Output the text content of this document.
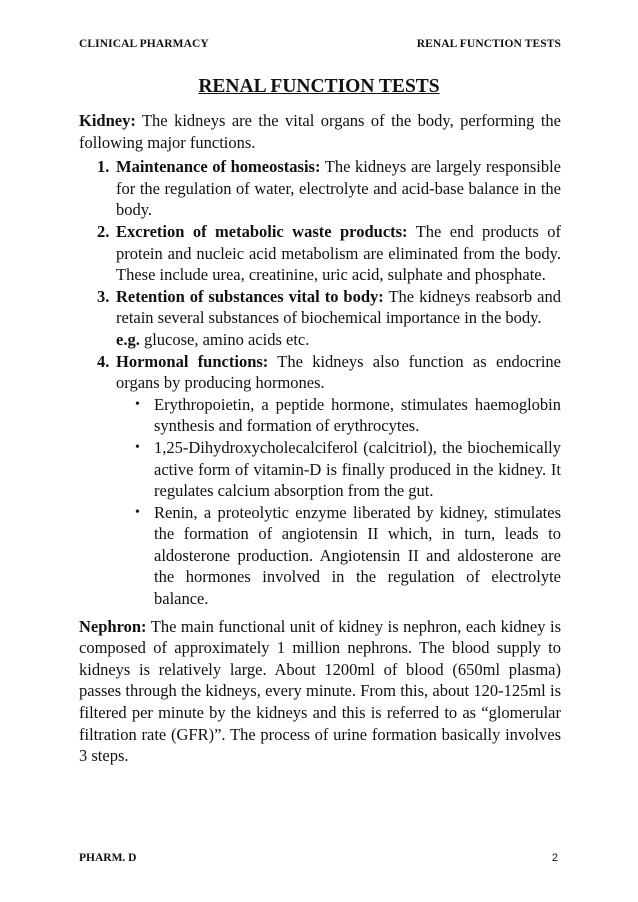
CLINICAL PHARMACY	RENAL FUNCTION TESTS
RENAL FUNCTION TESTS

Kidney: The kidneys are the vital organs of the body, performing the following major functions.

1. Maintenance of homeostasis: The kidneys are largely responsible for the regulation of water, electrolyte and acid-base balance in the body.
2. Excretion of metabolic waste products: The end products of protein and nucleic acid metabolism are eliminated from the body. These include urea, creatinine, uric acid, sulphate and phosphate.
3. Retention of substances vital to body: The kidneys reabsorb and retain several substances of biochemical importance in the body.
e.g. glucose, amino acids etc.
4. Hormonal functions: The kidneys also function as endocrine organs by producing hormones.
• Erythropoietin, a peptide hormone, stimulates haemoglobin synthesis and formation of erythrocytes.
• 1,25-Dihydroxycholecalciferol (calcitriol), the biochemically active form of vitamin-D is finally produced in the kidney. It regulates calcium absorption from the gut.
• Renin, a proteolytic enzyme liberated by kidney, stimulates the formation of angiotensin II which, in turn, leads to aldosterone production. Angiotensin II and aldosterone are the hormones involved in the regulation of electrolyte balance.

Nephron: The main functional unit of kidney is nephron, each kidney is composed of approximately 1 million nephrons. The blood supply to kidneys is relatively large. About 1200ml of blood (650ml plasma) passes through the kidneys, every minute. From this, about 120-125ml is filtered per minute by the kidneys and this is referred to as “glomerular filtration rate (GFR)”. The process of urine formation basically involves 3 steps.

PHARM. D	2
